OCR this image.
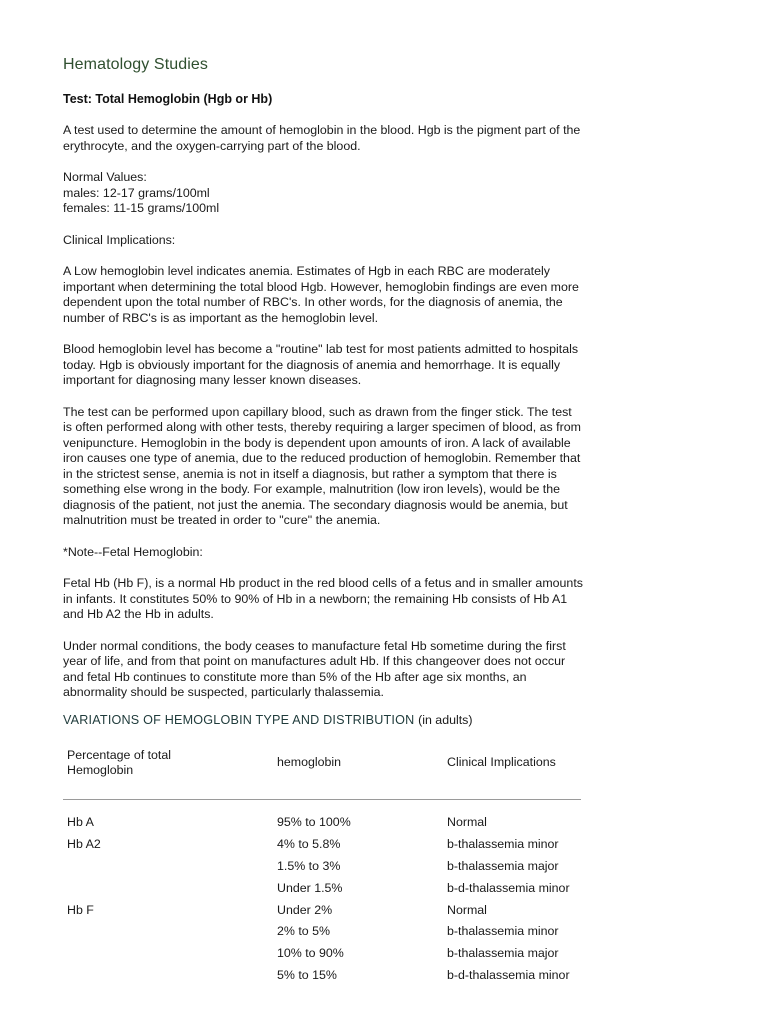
Hematology Studies
Test: Total Hemoglobin (Hgb or Hb)

A test used to determine the amount of hemoglobin in the blood. Hgb is the pigment part of the erythrocyte, and the oxygen-carrying part of the blood.

Normal Values:
males: 12-17 grams/100ml
females: 11-15 grams/100ml

Clinical Implications:

A Low hemoglobin level indicates anemia. Estimates of Hgb in each RBC are moderately important when determining the total blood Hgb. However, hemoglobin findings are even more dependent upon the total number of RBC's. In other words, for the diagnosis of anemia, the number of RBC's is as important as the hemoglobin level.

Blood hemoglobin level has become a "routine" lab test for most patients admitted to hospitals today. Hgb is obviously important for the diagnosis of anemia and hemorrhage. It is equally important for diagnosing many lesser known diseases.

The test can be performed upon capillary blood, such as drawn from the finger stick. The test is often performed along with other tests, thereby requiring a larger specimen of blood, as from venipuncture. Hemoglobin in the body is dependent upon amounts of iron. A lack of available iron causes one type of anemia, due to the reduced production of hemoglobin. Remember that in the strictest sense, anemia is not in itself a diagnosis, but rather a symptom that there is something else wrong in the body. For example, malnutrition (low iron levels), would be the diagnosis of the patient, not just the anemia. The secondary diagnosis would be anemia, but malnutrition must be treated in order to "cure" the anemia.

*Note--Fetal Hemoglobin:

Fetal Hb (Hb F), is a normal Hb product in the red blood cells of a fetus and in smaller amounts in infants. It constitutes 50% to 90% of Hb in a newborn; the remaining Hb consists of Hb A1 and Hb A2 the Hb in adults.

Under normal conditions, the body ceases to manufacture fetal Hb sometime during the first year of life, and from that point on manufactures adult Hb. If this changeover does not occur and fetal Hb continues to constitute more than 5% of the Hb after age six months, an abnormality should be suspected, particularly thalassemia.

VARIATIONS OF HEMOGLOBIN TYPE AND DISTRIBUTION (in adults)
Percentage of total Hemoglobin	hemoglobin	Clinical Implications
Hb A	95% to 100%	Normal
Hb A2	4% to 5.8%	b-thalassemia minor
	1.5% to 3%	b-thalassemia major
	Under 1.5%	b-d-thalassemia minor
Hb F	Under 2%	Normal
	2% to 5%	b-thalassemia minor
	10% to 90%	b-thalassemia major
	5% to 15%	b-d-thalassemia minor
